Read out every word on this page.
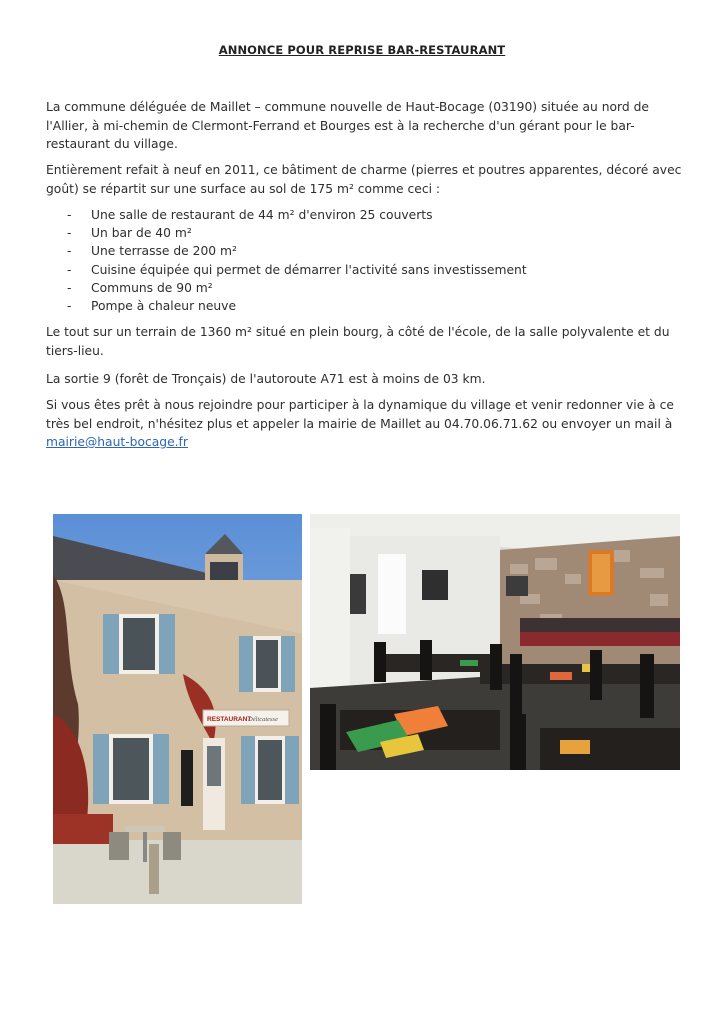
ANNONCE POUR REPRISE BAR-RESTAURANT
La commune déléguée de Maillet – commune nouvelle de Haut-Bocage (03190) située au nord de l'Allier, à mi-chemin de Clermont-Ferrand et Bourges est à la recherche d'un gérant pour le bar-restaurant du village.
Entièrement refait à neuf en 2011, ce bâtiment de charme (pierres et poutres apparentes, décoré avec goût) se répartit sur une surface au sol de 175 m² comme ceci :
- Une salle de restaurant de 44 m² d'environ 25 couverts
- Un bar de 40 m²
- Une terrasse de 200 m²
- Cuisine équipée qui permet de démarrer l'activité sans investissement
- Communs de 90 m²
- Pompe à chaleur neuve
Le tout sur un terrain de 1360 m² situé en plein bourg, à côté de l'école, de la salle polyvalente et du tiers-lieu.
La sortie 9 (forêt de Tronçais) de l'autoroute A71 est à moins de 03 km.
Si vous êtes prêt à nous rejoindre pour participer à la dynamique du village et venir redonner vie à ce très bel endroit, n'hésitez plus et appeler la mairie de Maillet au 04.70.06.71.62 ou envoyer un mail à mairie@haut-bocage.fr
RESTAURANT
Délicatesse
